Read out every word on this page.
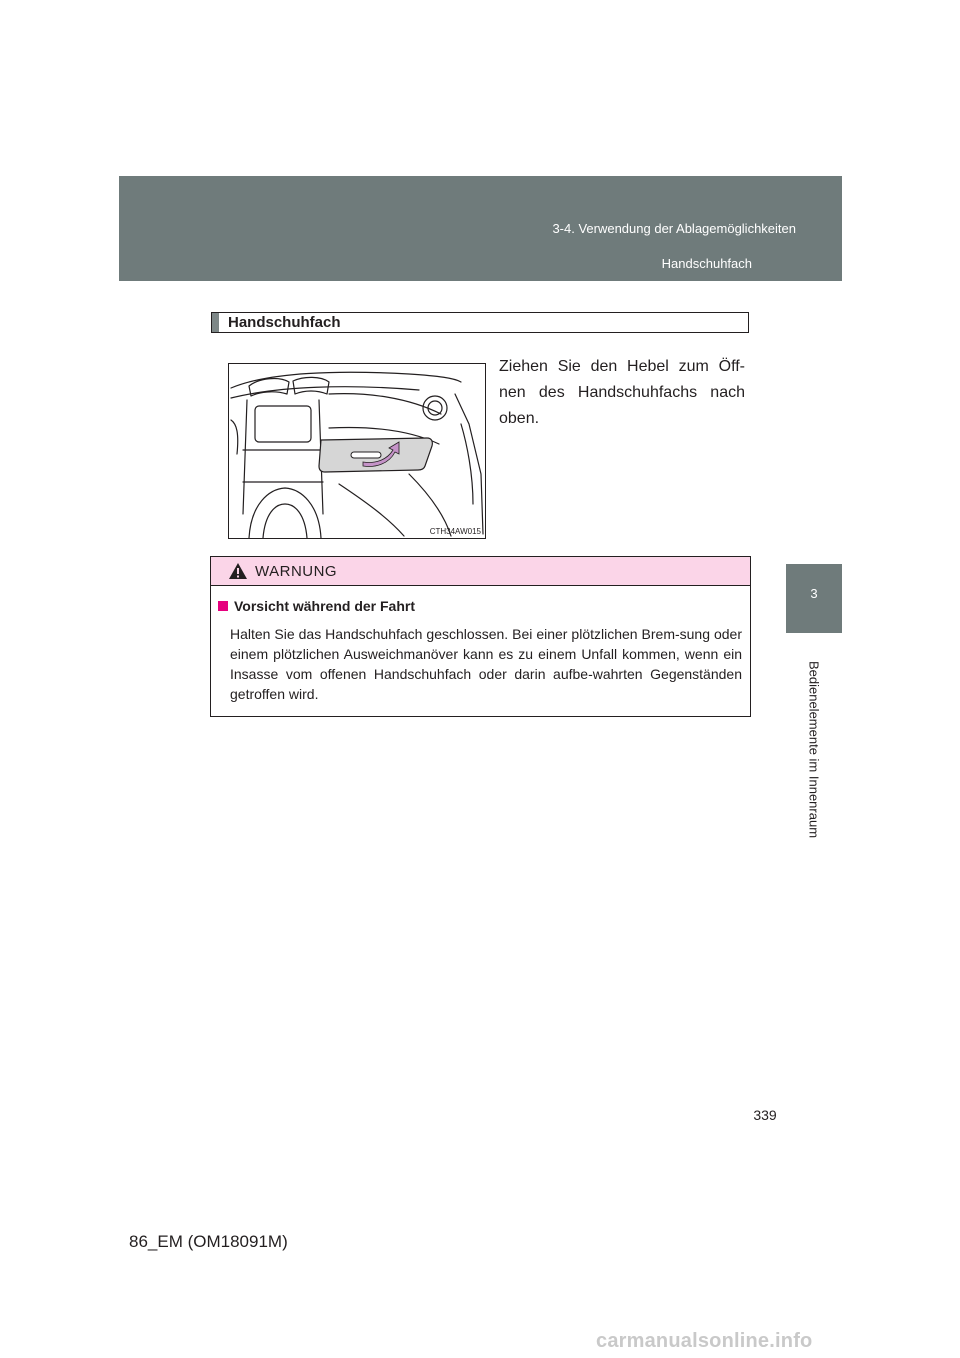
3-4. Verwendung der Ablagemöglichkeiten
Handschuhfach
3
Bedienelemente im Innenraum
Handschuhfach
CTH34AW015
Ziehen Sie den Hebel zum Öff-nen des Handschuhfachs nach oben.
WARNUNG
Vorsicht während der Fahrt
Halten Sie das Handschuhfach geschlossen. Bei einer plötzlichen Brem-sung oder einem plötzlichen Ausweichmanöver kann es zu einem Unfall kommen, wenn ein Insasse vom offenen Handschuhfach oder darin aufbe-wahrten Gegenständen getroffen wird.
339
86_EM (OM18091M)
carmanualsonline.info
